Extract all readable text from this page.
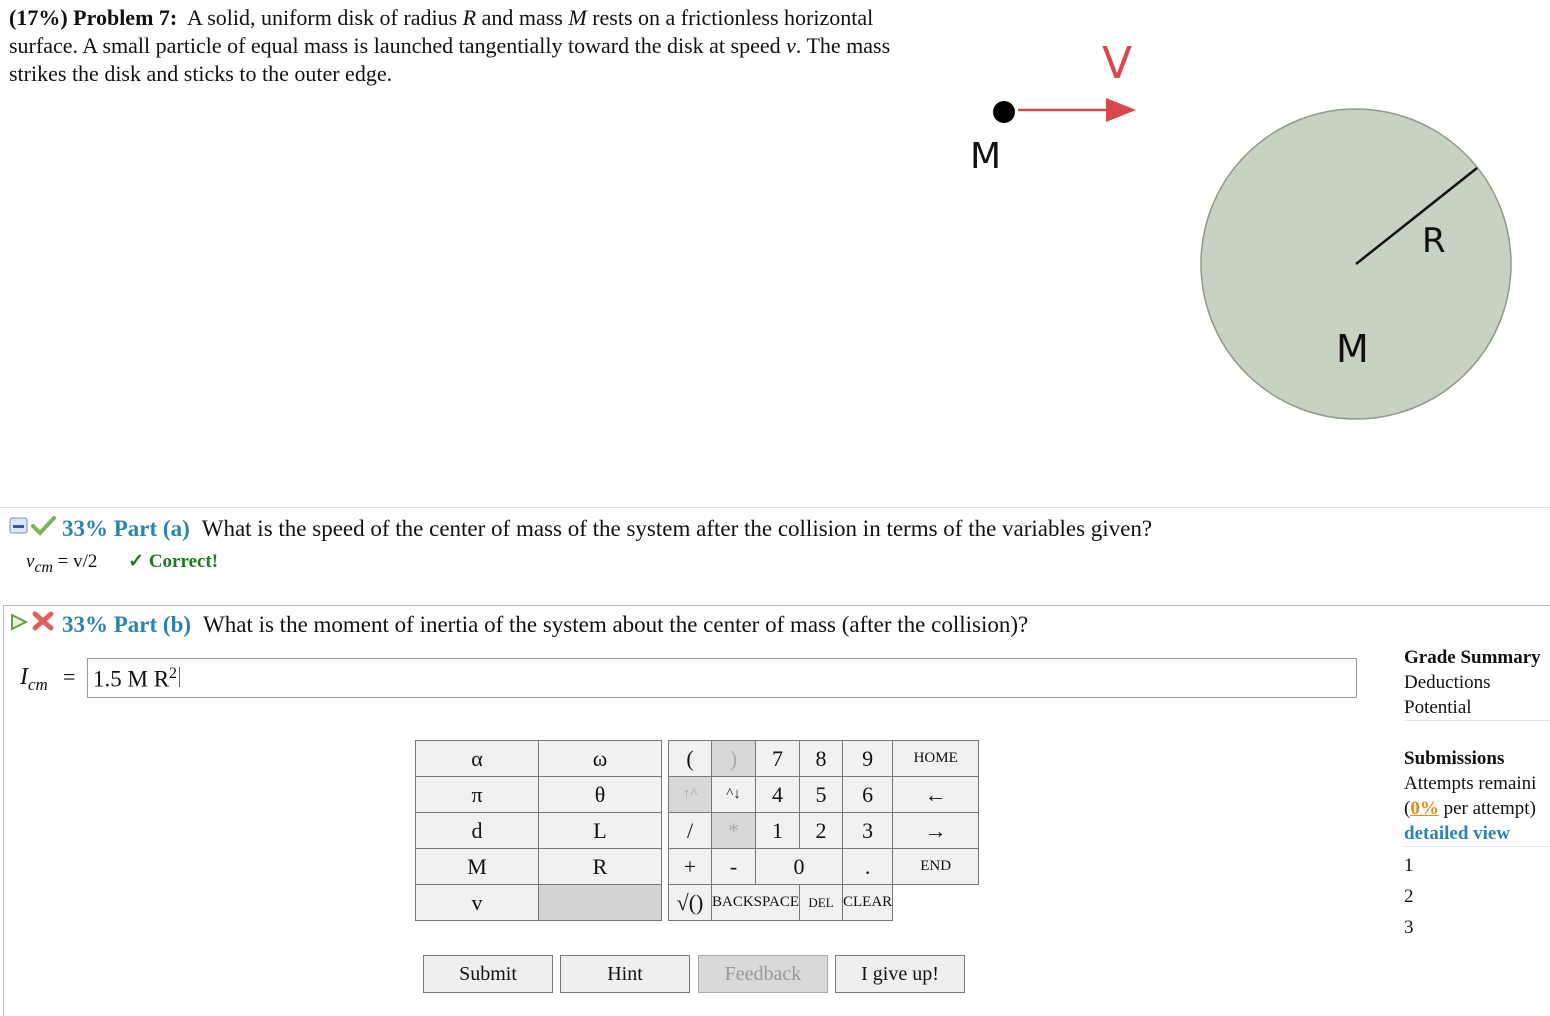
(17%) Problem 7: A solid, uniform disk of radius R and mass M rests on a frictionless horizontal surface. A small particle of equal mass is launched tangentially toward the disk at speed v. The mass strikes the disk and sticks to the outer edge.	V
M
R
M
33% Part (a) What is the speed of the center of mass of the system after the collision in terms of the variables given?
$v_{cm} = v/2$ ✓ Correct!
33% Part (b) What is the moment of inertia of the system about the center of mass (after the collision)?
$I_{cm} = 1.5$ M $R^2$
α	ω
π	θ
d	L
M	R
v	
(	)	7	8	9	HOME
↑^	^↓	4	5	6	←
/	*	1	2	3	→
+	-	0		.	END
√()	BACKSPACE		DEL	CLEAR	
Submit	Hint	Feedback	I give up!
Grade Summary
Deductions
Potential
Submissions
Attempts remaini
(0% per attempt)
detailed view
1
2
3
